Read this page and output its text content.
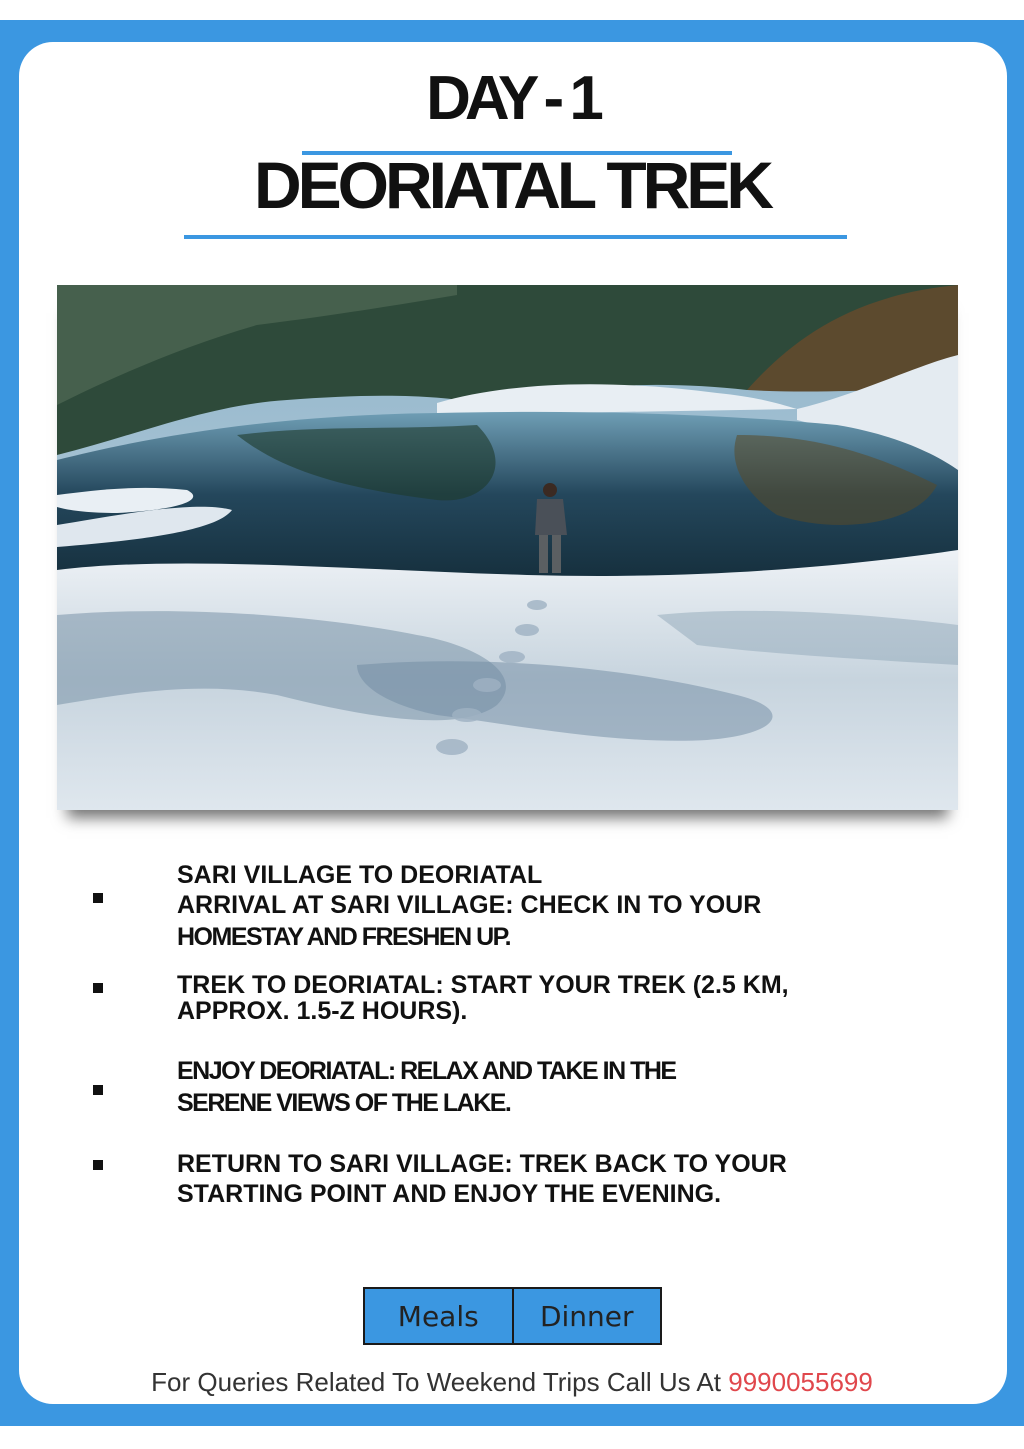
DAY - 1
DEORIATAL TREK
SARI VILLAGE TO DEORIATAL
ARRIVAL AT SARI VILLAGE: CHECK IN TO YOUR
HOMESTAY AND FRESHEN UP.
TREK TO DEORIATAL: START YOUR TREK (2.5 KM,
APPROX. 1.5-Z HOURS).
ENJOY DEORIATAL: RELAX AND TAKE IN THE
SERENE VIEWS OF THE LAKE.
RETURN TO SARI VILLAGE: TREK BACK TO YOUR
STARTING POINT AND ENJOY THE EVENING.
Meals	Dinner
For Queries Related To Weekend Trips Call Us At 9990055699
